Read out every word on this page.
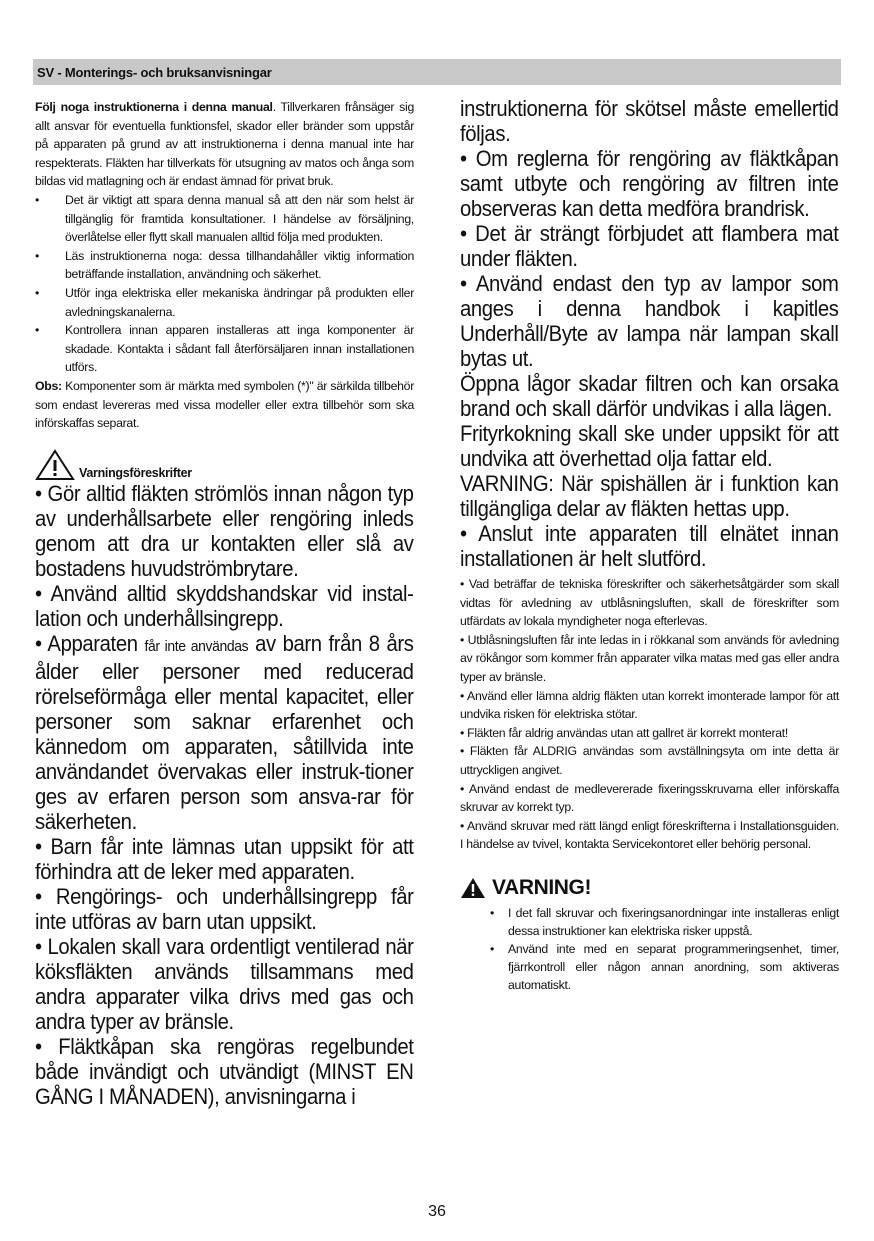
SV - Monterings- och bruksanvisningar

Följ noga instruktionerna i denna manual. Tillverkaren frånsäger sig allt ansvar för eventuella funktionsfel, skador eller bränder som uppstår på apparaten på grund av att instruktionerna i denna manual inte har respekterats. Fläkten har tillverkats för utsugning av matos och ånga som bildas vid matlagning och är endast ämnad för privat bruk.

• Det är viktigt att spara denna manual så att den när som helst är tillgänglig för framtida konsultationer. I händelse av försäljning, överlåtelse eller flytt skall manualen alltid följa med produkten.
• Läs instruktionerna noga: dessa tillhandahåller viktig information beträffande installation, användning och säkerhet.
• Utför inga elektriska eller mekaniska ändringar på produkten eller avledningskanalerna.
• Kontrollera innan apparen installeras att inga komponenter är skadade. Kontakta i sådant fall återförsäljaren innan installationen utförs.

Obs: Komponenter som är märkta med symbolen (*)" är särkilda tillbehör som endast levereras med vissa modeller eller extra tillbehör som ska införskaffas separat.

Varningsföreskrifter

• Gör alltid fläkten strömlös innan någon typ av underhållsarbete eller rengöring inleds genom att dra ur kontakten eller slå av bostadens huvudströmbrytare.

• Använd alltid skyddshandskar vid instal-lation och underhållsingrepp.

• Apparaten får inte användas av barn från 8 års ålder eller personer med reducerad rörelseförmåga eller mental kapacitet, eller personer som saknar erfarenhet och kännedom om apparaten, såtillvida inte användandet övervakas eller instruk-tioner ges av erfaren person som ansva-rar för säkerheten.

• Barn får inte lämnas utan uppsikt för att förhindra att de leker med apparaten.

• Rengörings- och underhållsingrepp får inte utföras av barn utan uppsikt.

• Lokalen skall vara ordentligt ventilerad när köksfläkten används tillsammans med andra apparater vilka drivs med gas och andra typer av bränsle.

• Fläktkåpan ska rengöras regelbundet både invändigt och utvändigt (MINST EN GÅNG I MÅNADEN), anvisningarna i

instruktionerna för skötsel måste emellertid följas.

• Om reglerna för rengöring av fläktkåpan samt utbyte och rengöring av filtren inte observeras kan detta medföra brandrisk.

• Det är strängt förbjudet att flambera mat under fläkten.

• Använd endast den typ av lampor som anges i denna handbok i kapitles Underhåll/Byte av lampa när lampan skall bytas ut.

Öppna lågor skadar filtren och kan orsaka brand och skall därför undvikas i alla lägen.

Frityrkokning skall ske under uppsikt för att undvika att överhettad olja fattar eld.

VARNING: När spishällen är i funktion kan tillgängliga delar av fläkten hettas upp.

• Anslut inte apparaten till elnätet innan installationen är helt slutförd.

• Vad beträffar de tekniska föreskrifter och säkerhetsåtgärder som skall vidtas för avledning av utblåsningsluften, skall de föreskrifter som utfärdats av lokala myndigheter noga efterlevas.

• Utblåsningsluften får inte ledas in i rökkanal som används för avledning av rökångor som kommer från apparater vilka matas med gas eller andra typer av bränsle.

• Använd eller lämna aldrig fläkten utan korrekt imonterade lampor för att undvika risken för elektriska stötar.

• Fläkten får aldrig användas utan att gallret är korrekt monterat!

• Fläkten får ALDRIG användas som avställningsyta om inte detta är uttryckligen angivet.

• Använd endast de medlevererade fixeringsskruvarna eller införskaffa skruvar av korrekt typ.

• Använd skruvar med rätt längd enligt föreskrifterna i Installationsguiden. I händelse av tvivel, kontakta Servicekontoret eller behörig personal.

VARNING!
• I det fall skruvar och fixeringsanordningar inte installeras enligt dessa instruktioner kan elektriska risker uppstå.
• Använd inte med en separat programmeringsenhet, timer, fjärrkontroll eller någon annan anordning, som aktiveras automatiskt.
36
